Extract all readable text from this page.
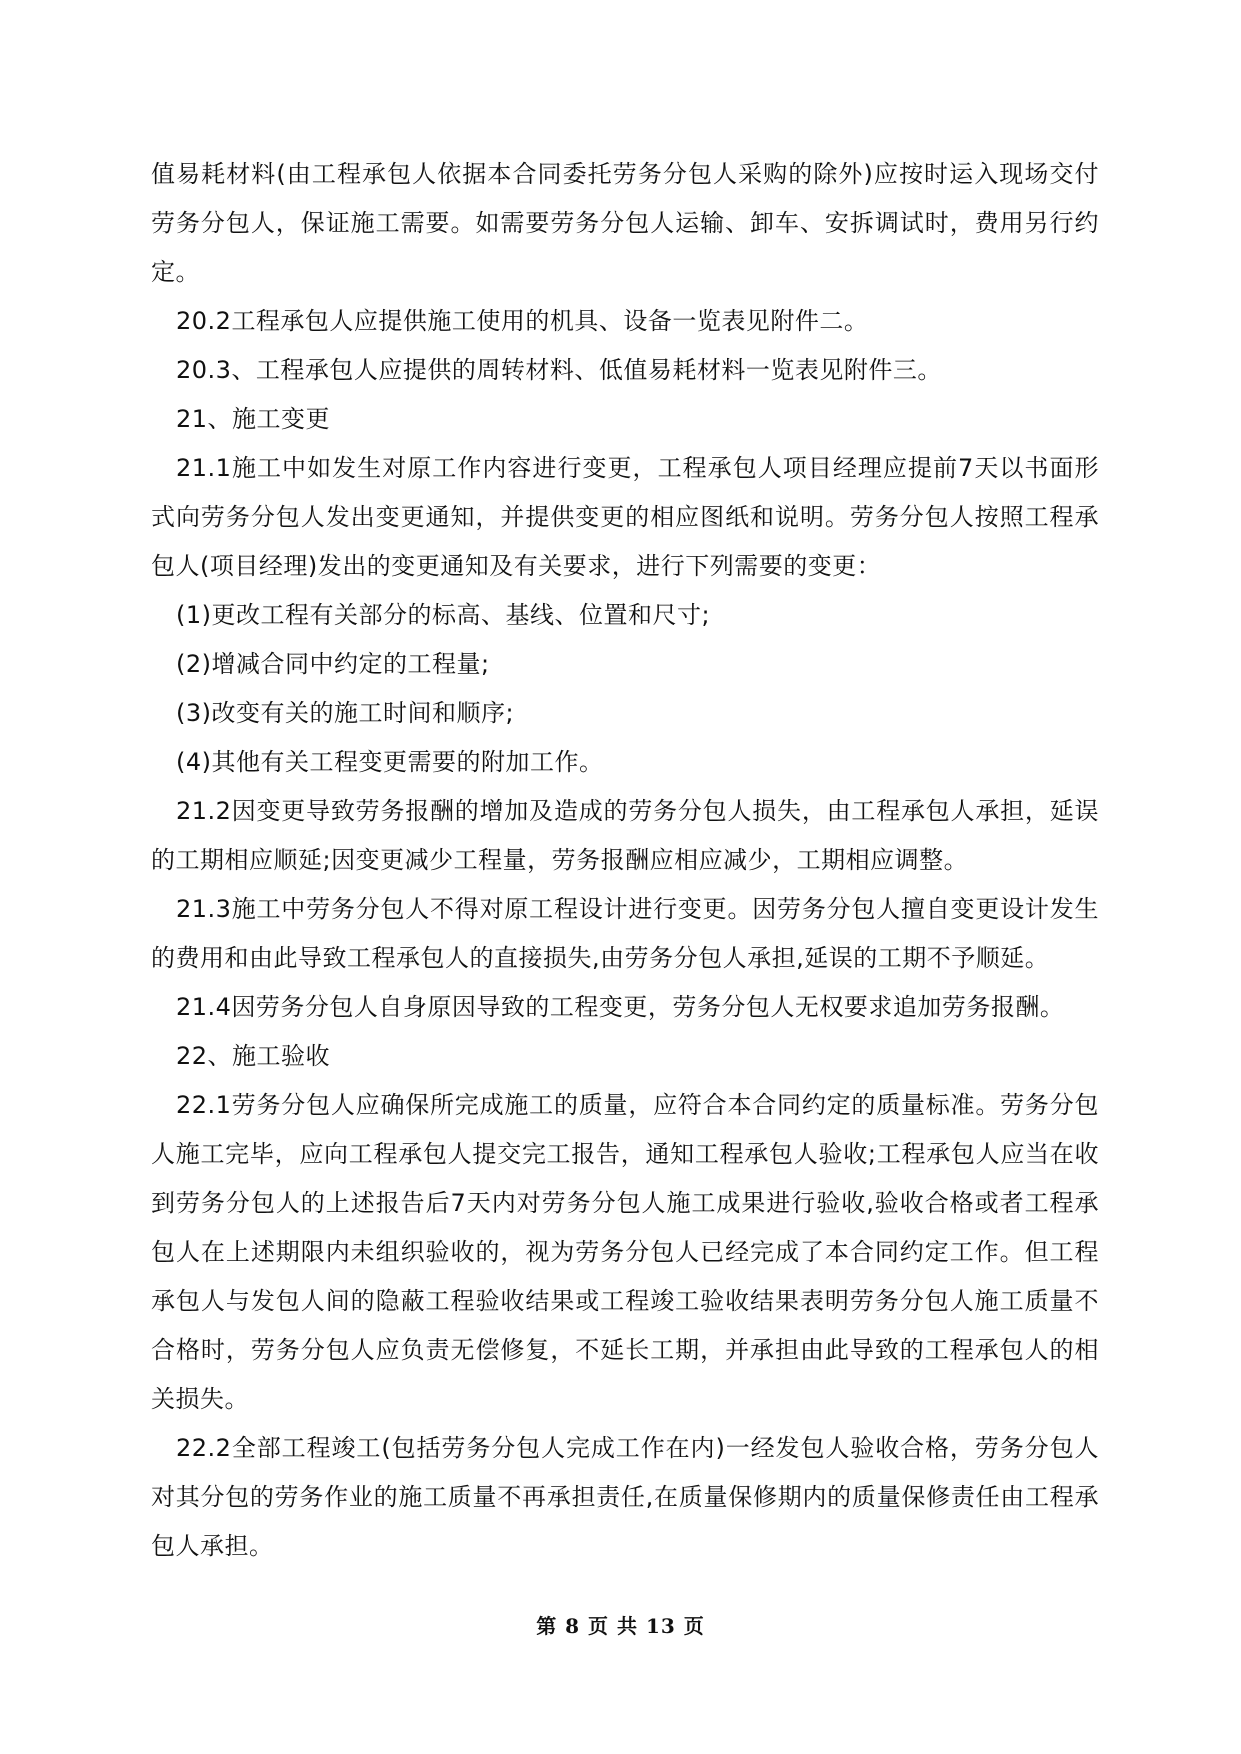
值易耗材料(由工程承包人依据本合同委托劳务分包人采购的除外)应按时运入现场交付劳务分包人，保证施工需要。如需要劳务分包人运输、卸车、安拆调试时，费用另行约定。

20.2工程承包人应提供施工使用的机具、设备一览表见附件二。

20.3、工程承包人应提供的周转材料、低值易耗材料一览表见附件三。

21、施工变更

21.1施工中如发生对原工作内容进行变更，工程承包人项目经理应提前7天以书面形式向劳务分包人发出变更通知，并提供变更的相应图纸和说明。劳务分包人按照工程承包人(项目经理)发出的变更通知及有关要求，进行下列需要的变更：

(1)更改工程有关部分的标高、基线、位置和尺寸;

(2)增减合同中约定的工程量;

(3)改变有关的施工时间和顺序;

(4)其他有关工程变更需要的附加工作。

21.2因变更导致劳务报酬的增加及造成的劳务分包人损失，由工程承包人承担，延误的工期相应顺延;因变更减少工程量，劳务报酬应相应减少，工期相应调整。

21.3施工中劳务分包人不得对原工程设计进行变更。因劳务分包人擅自变更设计发生的费用和由此导致工程承包人的直接损失,由劳务分包人承担,延误的工期不予顺延。

21.4因劳务分包人自身原因导致的工程变更，劳务分包人无权要求追加劳务报酬。

22、施工验收

22.1劳务分包人应确保所完成施工的质量，应符合本合同约定的质量标准。劳务分包人施工完毕，应向工程承包人提交完工报告，通知工程承包人验收;工程承包人应当在收到劳务分包人的上述报告后7天内对劳务分包人施工成果进行验收,验收合格或者工程承包人在上述期限内未组织验收的，视为劳务分包人已经完成了本合同约定工作。但工程承包人与发包人间的隐蔽工程验收结果或工程竣工验收结果表明劳务分包人施工质量不合格时，劳务分包人应负责无偿修复，不延长工期，并承担由此导致的工程承包人的相关损失。

22.2全部工程竣工(包括劳务分包人完成工作在内)一经发包人验收合格，劳务分包人对其分包的劳务作业的施工质量不再承担责任,在质量保修期内的质量保修责任由工程承包人承担。

第 8 页 共 13 页
